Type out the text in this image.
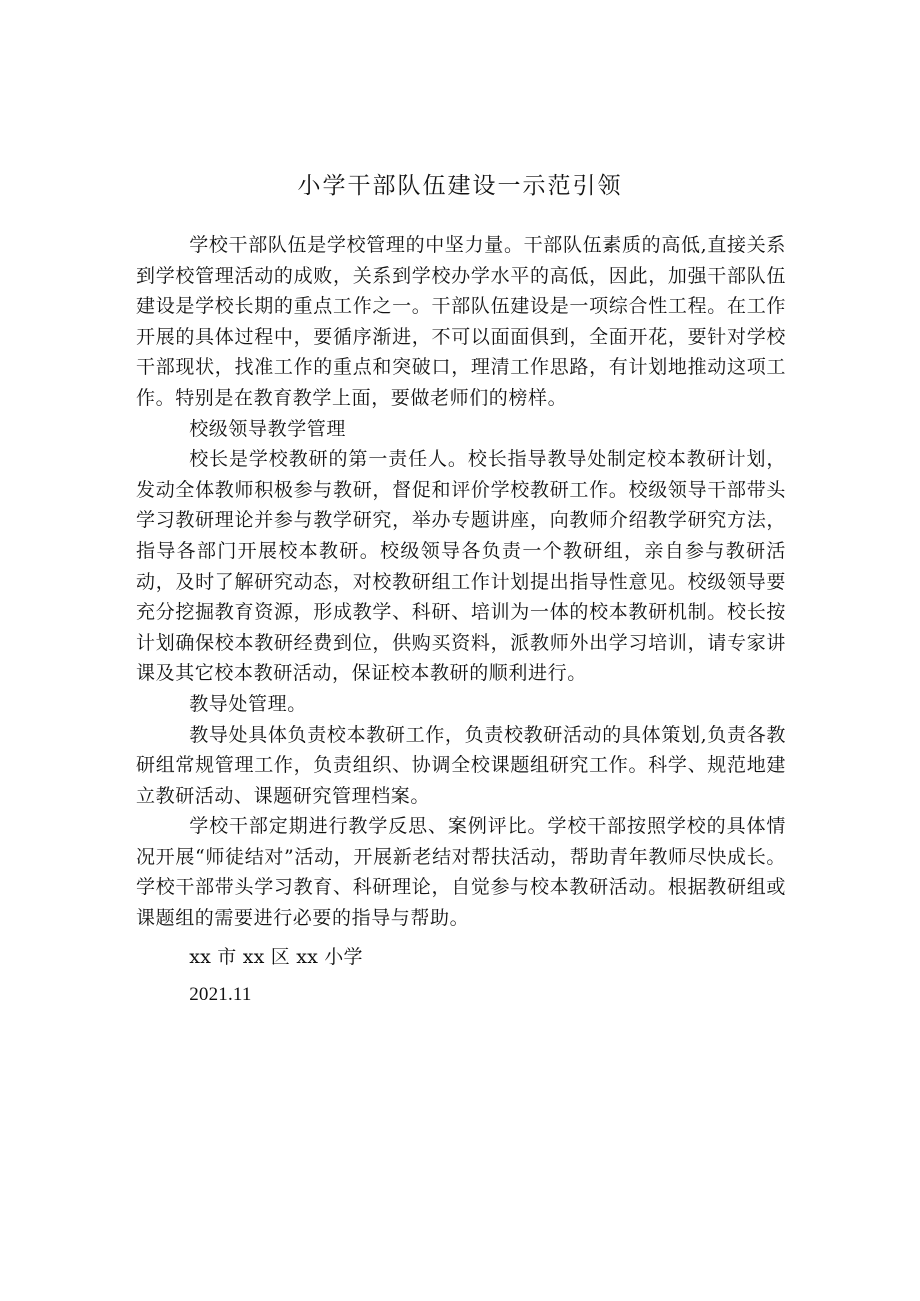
小学干部队伍建设一示范引领

学校干部队伍是学校管理的中坚力量。干部队伍素质的高低,直接关系到学校管理活动的成败，关系到学校办学水平的高低，因此，加强干部队伍建设是学校长期的重点工作之一。干部队伍建设是一项综合性工程。在工作开展的具体过程中，要循序渐进，不可以面面俱到，全面开花，要针对学校干部现状，找准工作的重点和突破口，理清工作思路，有计划地推动这项工作。特别是在教育教学上面，要做老师们的榜样。

校级领导教学管理

校长是学校教研的第一责任人。校长指导教导处制定校本教研计划，发动全体教师积极参与教研，督促和评价学校教研工作。校级领导干部带头学习教研理论并参与教学研究，举办专题讲座，向教师介绍教学研究方法，指导各部门开展校本教研。校级领导各负责一个教研组，亲自参与教研活动，及时了解研究动态，对校教研组工作计划提出指导性意见。校级领导要充分挖掘教育资源，形成教学、科研、培训为一体的校本教研机制。校长按计划确保校本教研经费到位，供购买资料，派教师外出学习培训，请专家讲课及其它校本教研活动，保证校本教研的顺利进行。

教导处管理。

教导处具体负责校本教研工作，负责校教研活动的具体策划,负责各教研组常规管理工作，负责组织、协调全校课题组研究工作。科学、规范地建立教研活动、课题研究管理档案。

学校干部定期进行教学反思、案例评比。学校干部按照学校的具体情况开展“师徒结对”活动，开展新老结对帮扶活动，帮助青年教师尽快成长。学校干部带头学习教育、科研理论，自觉参与校本教研活动。根据教研组或课题组的需要进行必要的指导与帮助。

xx 市 xx 区 xx 小学

2021.11
